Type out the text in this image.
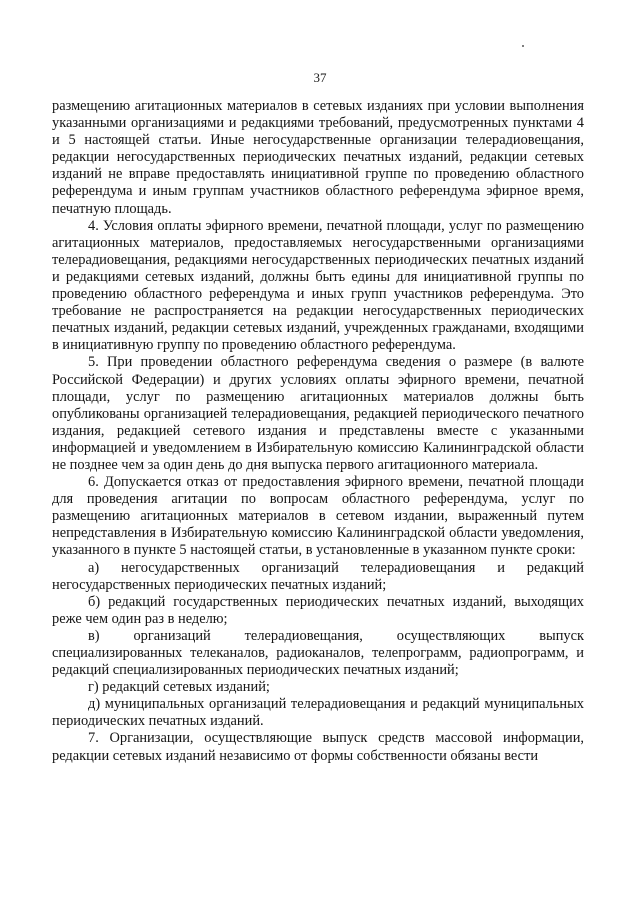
37

размещению агитационных материалов в сетевых изданиях при условии выполнения указанными организациями и редакциями требований, предусмотренных пунктами 4 и 5 настоящей статьи. Иные негосударственные организации телерадиовещания, редакции негосударственных периодических печатных изданий, редакции сетевых изданий не вправе предоставлять инициативной группе по проведению областного референдума и иным группам участников областного референдума эфирное время, печатную площадь.

4. Условия оплаты эфирного времени, печатной площади, услуг по размещению агитационных материалов, предоставляемых негосударственными организациями телерадиовещания, редакциями негосударственных периодических печатных изданий и редакциями сетевых изданий, должны быть едины для инициативной группы по проведению областного референдума и иных групп участников референдума. Это требование не распространяется на редакции негосударственных периодических печатных изданий, редакции сетевых изданий, учрежденных гражданами, входящими в инициативную группу по проведению областного референдума.

5. При проведении областного референдума сведения о размере (в валюте Российской Федерации) и других условиях оплаты эфирного времени, печатной площади, услуг по размещению агитационных материалов должны быть опубликованы организацией телерадиовещания, редакцией периодического печатного издания, редакцией сетевого издания и представлены вместе с указанными информацией и уведомлением в Избирательную комиссию Калининградской области не позднее чем за один день до дня выпуска первого агитационного материала.

6. Допускается отказ от предоставления эфирного времени, печатной площади для проведения агитации по вопросам областного референдума, услуг по размещению агитационных материалов в сетевом издании, выраженный путем непредставления в Избирательную комиссию Калининградской области уведомления, указанного в пункте 5 настоящей статьи, в установленные в указанном пункте сроки:

а) негосударственных организаций телерадиовещания и редакций негосударственных периодических печатных изданий;

б) редакций государственных периодических печатных изданий, выходящих реже чем один раз в неделю;

в) организаций телерадиовещания, осуществляющих выпуск специализированных телеканалов, радиоканалов, телепрограмм, радиопрограмм, и редакций специализированных периодических печатных изданий;

г) редакций сетевых изданий;

д) муниципальных организаций телерадиовещания и редакций муниципальных периодических печатных изданий.

7. Организации, осуществляющие выпуск средств массовой информации, редакции сетевых изданий независимо от формы собственности обязаны вести
